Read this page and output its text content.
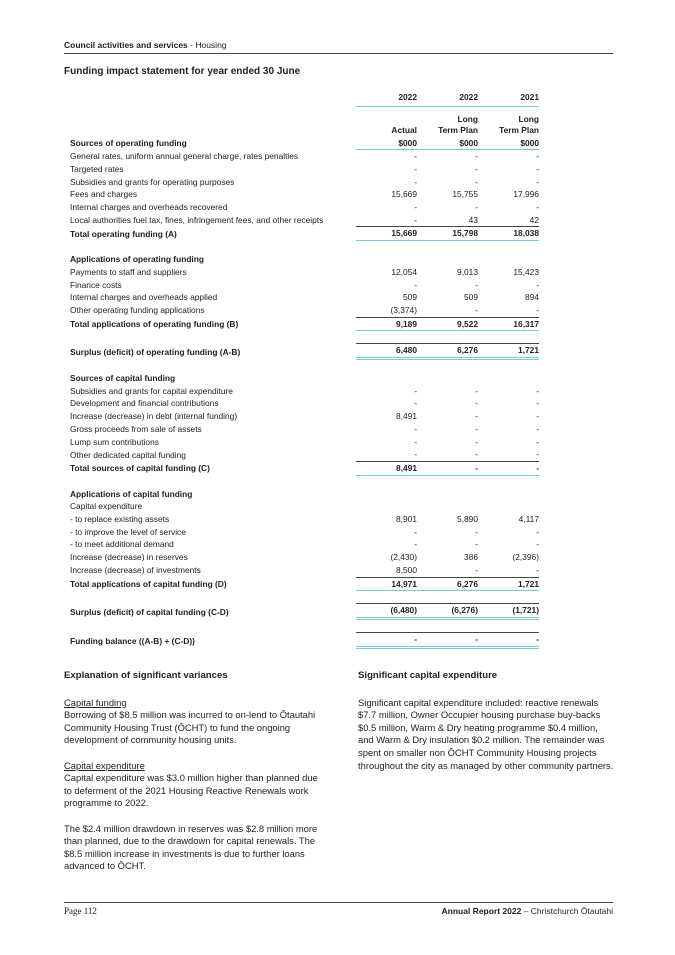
Council activities and services - Housing
Funding impact statement for year ended 30 June
	2022	2022	2021
	Actual	Long Term Plan	Long Term Plan
Sources of operating funding	$000	$000	$000
General rates, uniform annual general charge, rates penalties	-	-	-
Targeted rates	-	-	-
Subsidies and grants for operating purposes	-	-	-
Fees and charges	15,669	15,755	17,996
Internal charges and overheads recovered	-	-	-
Local authorities fuel tax, fines, infringement fees, and other receipts	-	43	42
Total operating funding (A)	15,669	15,798	18,038

Applications of operating funding			
Payments to staff and suppliers	12,054	9,013	15,423
Finance costs	-	-	-
Internal charges and overheads applied	509	509	894
Other operating funding applications	(3,374)	-	-
Total applications of operating funding (B)	9,189	9,522	16,317

Surplus (deficit) of operating funding (A-B)	6,480	6,276	1,721

Sources of capital funding			
Subsidies and grants for capital expenditure	-	-	-
Development and financial contributions	-	-	-
Increase (decrease) in debt (internal funding)	8,491	-	-
Gross proceeds from sale of assets	-	-	-
Lump sum contributions	-	-	-
Other dedicated capital funding	-	-	-
Total sources of capital funding (C)	8,491	-	-

Applications of capital funding			
Capital expenditure			
- to replace existing assets	8,901	5,890	4,117
- to improve the level of service	-	-	-
- to meet additional demand	-	-	-
Increase (decrease) in reserves	(2,430)	386	(2,396)
Increase (decrease) of investments	8,500	-	-
Total applications of capital funding (D)	14,971	6,276	1,721

Surplus (deficit) of capital funding (C-D)	(6,480)	(6,276)	(1,721)

Funding balance ((A-B) + (C-D))	-	-	-
Explanation of significant variances

Capital funding
Borrowing of $8.5 million was incurred to on-lend to Ōtautahi Community Housing Trust (ŌCHT) to fund the ongoing development of community housing units.

Capital expenditure
Capital expenditure was $3.0 million higher than planned due to deferment of the 2021 Housing Reactive Renewals work programme to 2022.

The $2.4 million drawdown in reserves was $2.8 million more than planned, due to the drawdown for capital renewals. The $8.5 million increase in investments is due to further loans advanced to ŌCHT.

Significant capital expenditure

Significant capital expenditure included: reactive renewals $7.7 million, Owner Occupier housing purchase buy-backs $0.5 million, Warm & Dry heating programme $0.4 million, and Warm & Dry insulation $0.2 million. The remainder was spent on smaller non ŌCHT Community Housing projects throughout the city as managed by other community partners.

Page 112	Annual Report 2022 – Christchurch Ōtautahi
